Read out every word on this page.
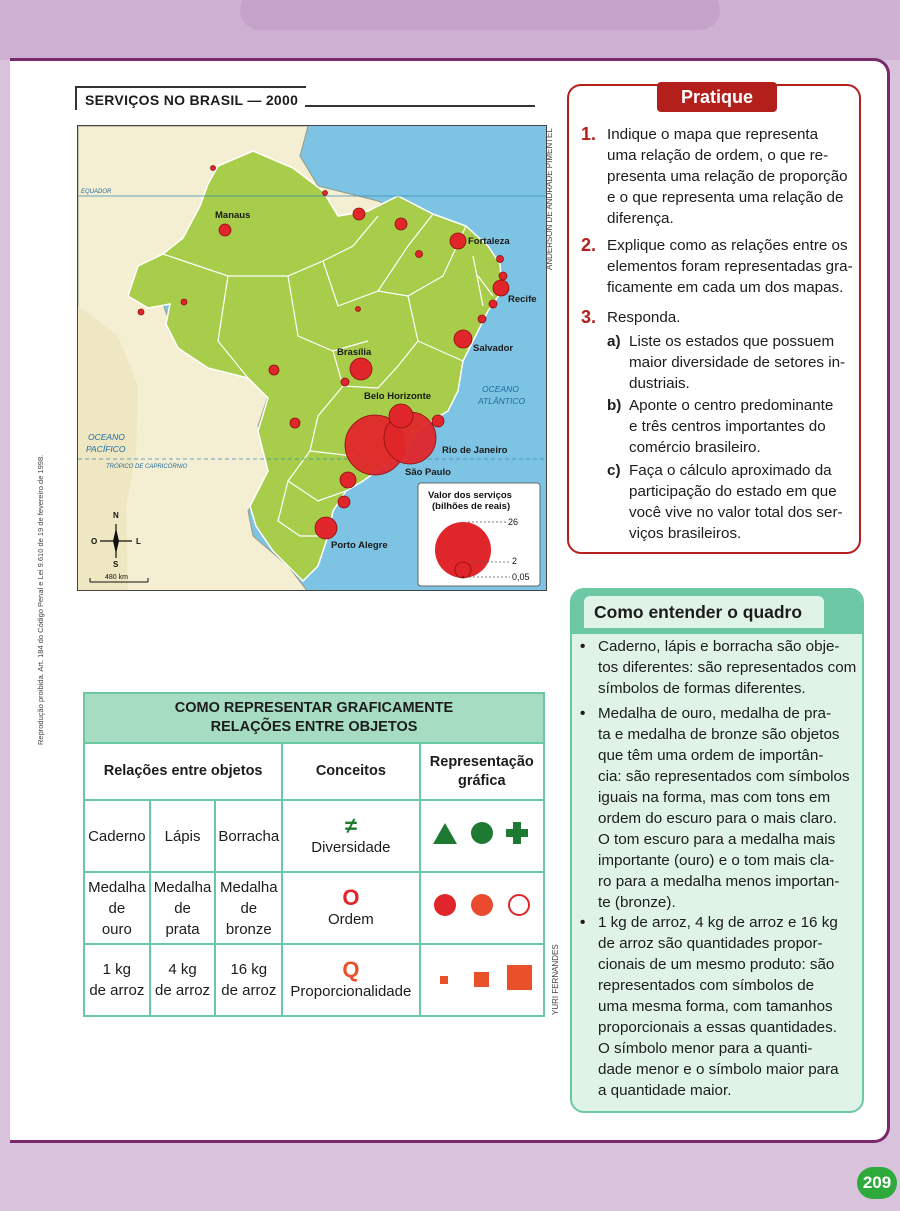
SERVIÇOS NO BRASIL — 2000
Manaus
Fortaleza
Recife
Salvador
Brasília
Belo Horizonte
Rio de Janeiro
São Paulo
Porto Alegre
EQUADOR
TRÓPICO DE CAPRICÓRNIO
OCEANO
ATLÂNTICO
OCEANO
PACÍFICO
N
S
O	L
480 km
Valor dos serviços
(bilhões de reais)
26
2
0,05
ANDERSON DE ANDRADE PIMENTEL
Reprodução proibida. Art. 184 do Código Penal e Lei 9.610 de 19 de fevereiro de 1998.
Pratique
1. Indique o mapa que representa
uma relação de ordem, o que re-
presenta uma relação de proporção
e o que representa uma relação de
diferença.
2. Explique como as relações entre os
elementos foram representadas gra-
ficamente em cada um dos mapas.
3. Responda.
a) Liste os estados que possuem
maior diversidade de setores in-
dustriais.
b) Aponte o centro predominante
e três centros importantes do
comércio brasileiro.
c) Faça o cálculo aproximado da
participação do estado em que
você vive no valor total dos ser-
viços brasileiros.
Como entender o quadro
• Caderno, lápis e borracha são obje-
tos diferentes: são representados com
símbolos de formas diferentes.
• Medalha de ouro, medalha de pra-
ta e medalha de bronze são objetos
que têm uma ordem de importân-
cia: são representados com símbolos
iguais na forma, mas com tons em
ordem do escuro para o mais claro.
O tom escuro para a medalha mais
importante (ouro) e o tom mais cla-
ro para a medalha menos importan-
te (bronze).
• 1 kg de arroz, 4 kg de arroz e 16 kg
de arroz são quantidades propor-
cionais de um mesmo produto: são
representados com símbolos de
uma mesma forma, com tamanhos
proporcionais a essas quantidades.
O símbolo menor para a quanti-
dade menor e o símbolo maior para
a quantidade maior.
COMO REPRESENTAR GRAFICAMENTE
RELAÇÕES ENTRE OBJETOS				
Relações entre objetos			Conceitos	Representação
gráfica
Caderno	Lápis	Borracha	≠
Diversidade	
Medalha
de
ouro	Medalha
de
prata	Medalha
de
bronze	O
Ordem	
1 kg
de arroz	4 kg
de arroz	16 kg
de arroz	Q
Proporcionalidade		YURI FERNANDES
209
